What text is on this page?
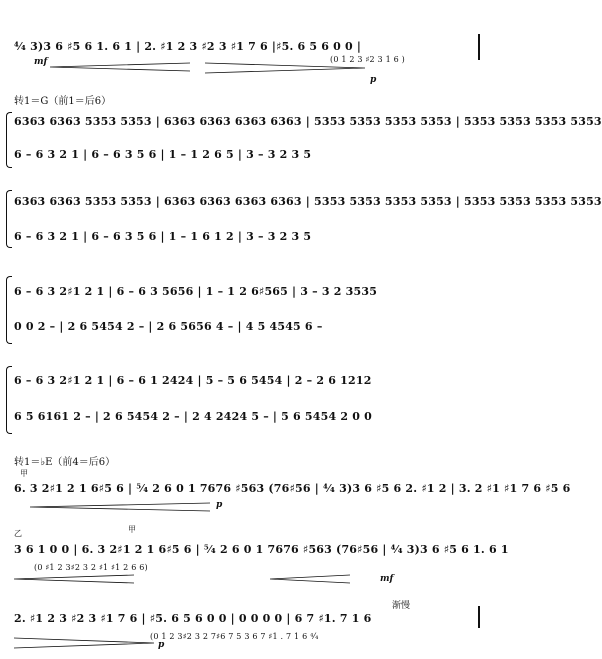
⁴⁄₄ 3)3 6 ♯5 6 1. 6 1 | 2. ♯1 2 3 ♯2 3 ♯1 7 6 |♯5. 6 5 6 0 0 |
mf	(0 1 2 3 ♯2 3 1 6 )
p
转1＝G（前1＝后6）
6363 6363 5353 5353 | 6363 6363 6363 6363 | 5353 5353 5353 5353 | 5353 5353 5353 5353
6 – 6 3 2 1 | 6 – 6 3 5 6 | 1 – 1 2 6 5 | 3 – 3 2 3 5
6363 6363 5353 5353 | 6363 6363 6363 6363 | 5353 5353 5353 5353 | 5353 5353 5353 5353
6 – 6 3 2 1 | 6 – 6 3 5 6 | 1 – 1 6 1 2 | 3 – 3 2 3 5
6 – 6 3 2♯1 2 1 | 6 – 6 3 5656 | 1 – 1 2 6♯565 | 3 – 3 2 3535
0 0 2 – | 2 6 5454 2 – | 2 6 5656 4 – | 4 5 4545 6 –
6 – 6 3 2♯1 2 1 | 6 – 6 1 2424 | 5 – 5 6 5454 | 2 – 2 6 1212
6 5 6161 2 – | 2 6 5454 2 – | 2 4 2424 5 – | 5 6 5454 2 0 0
转1＝♭E（前4＝后6）
甲
6. 3 2♯1 2 1 6♯5 6 | ⁵⁄₄ 2 6 0 1 7676 ♯563 (76♯56 | ⁴⁄₄ 3)3 6 ♯5 6 2. ♯1 2 | 3. 2 ♯1 ♯1 7 6 ♯5 6
p
乙	甲
3 6 1 0 0 | 6. 3 2♯1 2 1 6♯5 6 | ⁵⁄₄ 2 6 0 1 7676 ♯563 (76♯56 | ⁴⁄₄ 3)3 6 ♯5 6 1. 6 1
(0 ♯1 2 3♯2 3 2 ♯1 ♯1 2 6 6)
mf
渐慢
2. ♯1 2 3 ♯2 3 ♯1 7 6 | ♯5. 6 5 6 0 0 | 0 0 0 0 | 6 7 ♯1. 7 1 6
(0 1 2 3♯2 3 2 7♯6 7 5 3 6 7 ♯1 . 7 1 6 ⁴⁄₄
p
